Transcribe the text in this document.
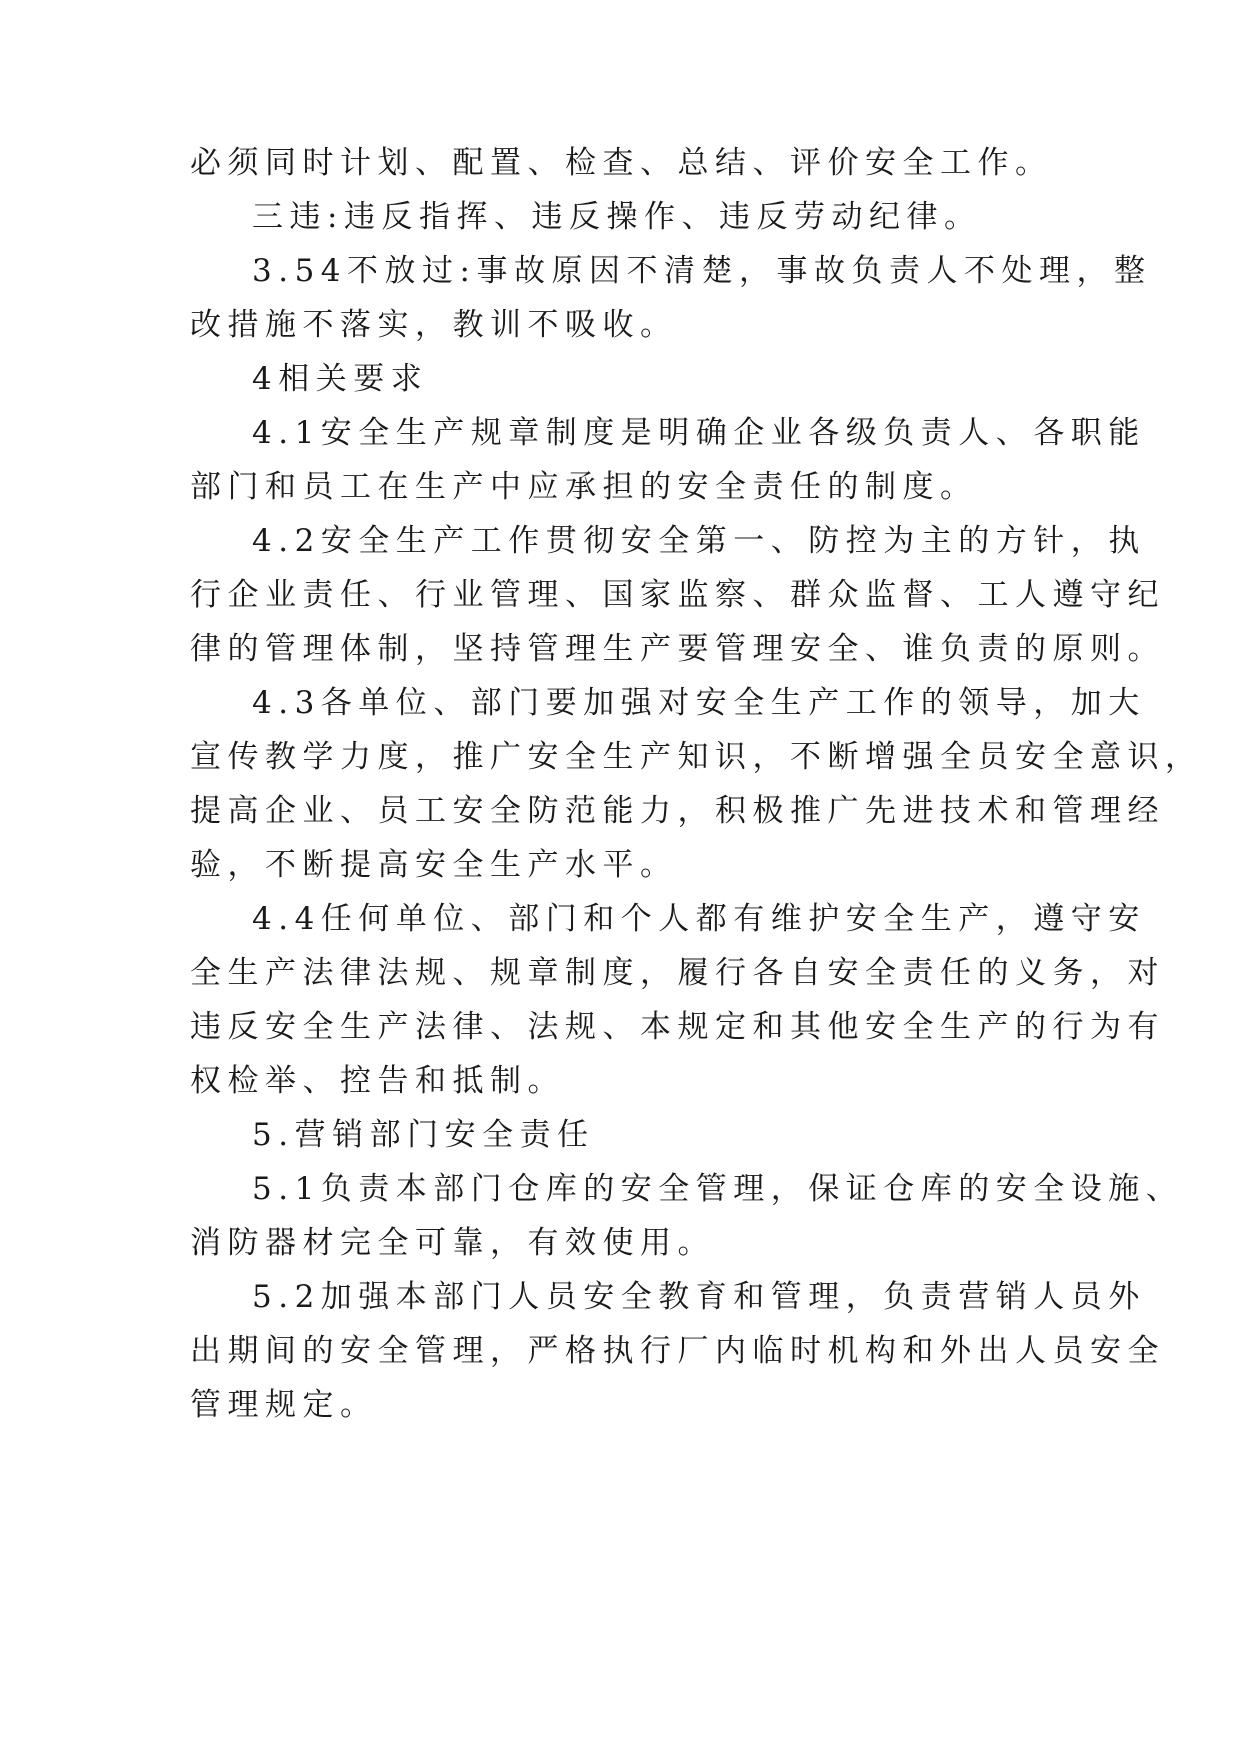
必须同时计划、配置、检查、总结、评价安全工作。
三违:违反指挥、违反操作、违反劳动纪律。
3.54不放过:事故原因不清楚，事故负责人不处理，整
改措施不落实，教训不吸收。
4相关要求
4.1安全生产规章制度是明确企业各级负责人、各职能
部门和员工在生产中应承担的安全责任的制度。
4.2安全生产工作贯彻安全第一、防控为主的方针，执
行企业责任、行业管理、国家监察、群众监督、工人遵守纪
律的管理体制，坚持管理生产要管理安全、谁负责的原则。
4.3各单位、部门要加强对安全生产工作的领导，加大
宣传教学力度，推广安全生产知识，不断增强全员安全意识，
提高企业、员工安全防范能力，积极推广先进技术和管理经
验，不断提高安全生产水平。
4.4任何单位、部门和个人都有维护安全生产，遵守安
全生产法律法规、规章制度，履行各自安全责任的义务，对
违反安全生产法律、法规、本规定和其他安全生产的行为有
权检举、控告和抵制。
5.营销部门安全责任
5.1负责本部门仓库的安全管理，保证仓库的安全设施、
消防器材完全可靠，有效使用。
5.2加强本部门人员安全教育和管理，负责营销人员外
出期间的安全管理，严格执行厂内临时机构和外出人员安全
管理规定。
